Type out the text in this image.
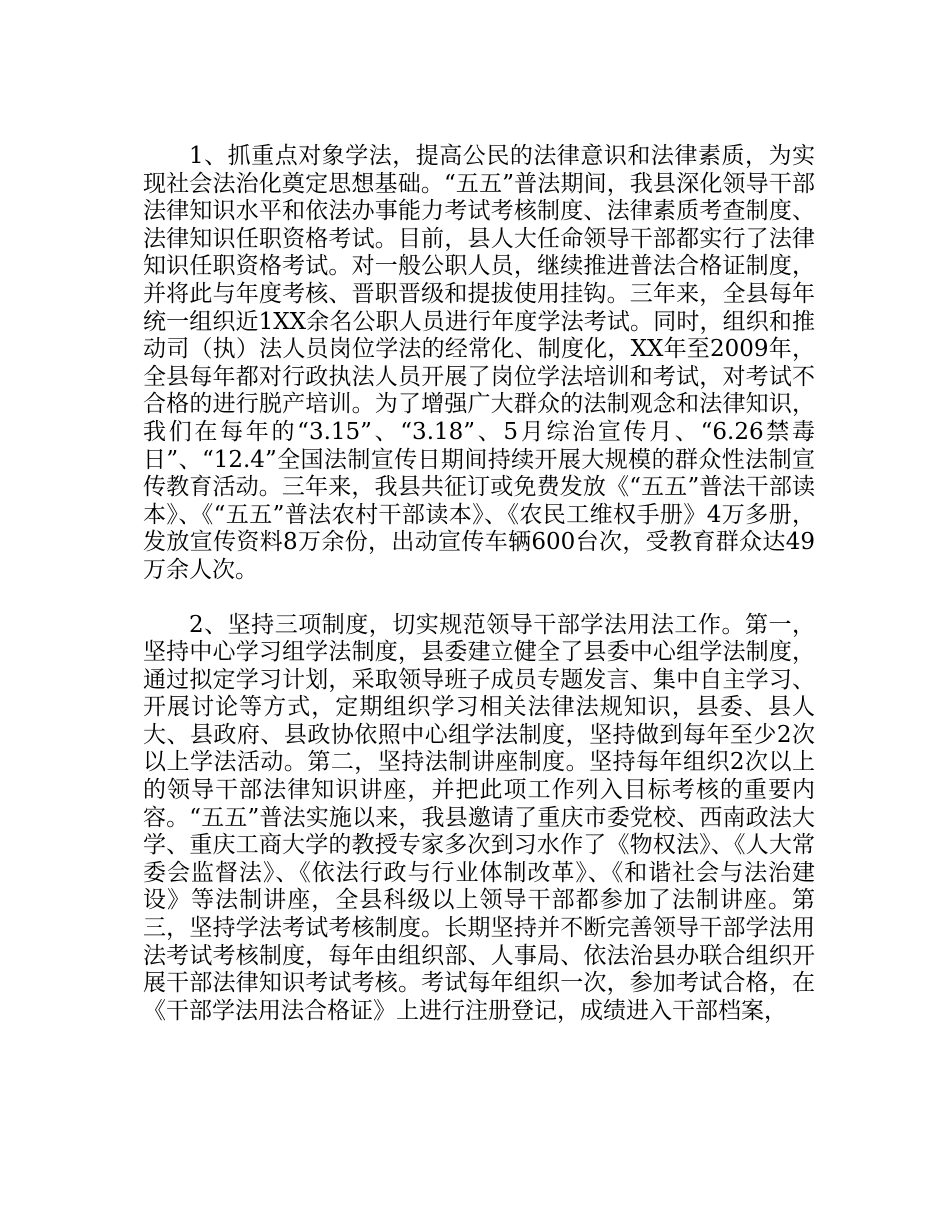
1、抓重点对象学法，提高公民的法律意识和法律素质，为实现社会法治化奠定思想基础。“五五”普法期间，我县深化领导干部法律知识水平和依法办事能力考试考核制度、法律素质考查制度、法律知识任职资格考试。目前，县人大任命领导干部都实行了法律知识任职资格考试。对一般公职人员，继续推进普法合格证制度，并将此与年度考核、晋职晋级和提拔使用挂钩。三年来，全县每年统一组织近1XX余名公职人员进行年度学法考试。同时，组织和推动司（执）法人员岗位学法的经常化、制度化，XX年至2009年，全县每年都对行政执法人员开展了岗位学法培训和考试，对考试不合格的进行脱产培训。为了增强广大群众的法制观念和法律知识，我们在每年的“3.15”、“3.18”、5月综治宣传月、“6.26禁毒日”、“12.4”全国法制宣传日期间持续开展大规模的群众性法制宣传教育活动。三年来，我县共征订或免费发放《“五五”普法干部读本》、《“五五”普法农村干部读本》、《农民工维权手册》4万多册，发放宣传资料8万余份，出动宣传车辆600台次，受教育群众达49万余人次。

2、坚持三项制度，切实规范领导干部学法用法工作。第一，坚持中心学习组学法制度，县委建立健全了县委中心组学法制度，通过拟定学习计划，采取领导班子成员专题发言、集中自主学习、开展讨论等方式，定期组织学习相关法律法规知识，县委、县人大、县政府、县政协依照中心组学法制度，坚持做到每年至少2次以上学法活动。第二，坚持法制讲座制度。坚持每年组织2次以上的领导干部法律知识讲座，并把此项工作列入目标考核的重要内容。“五五”普法实施以来，我县邀请了重庆市委党校、西南政法大学、重庆工商大学的教授专家多次到习水作了《物权法》、《人大常委会监督法》、《依法行政与行业体制改革》、《和谐社会与法治建设》等法制讲座，全县科级以上领导干部都参加了法制讲座。第三，坚持学法考试考核制度。长期坚持并不断完善领导干部学法用法考试考核制度，每年由组织部、人事局、依法治县办联合组织开展干部法律知识考试考核。考试每年组织一次，参加考试合格，在《干部学法用法合格证》上进行注册登记，成绩进入干部档案，
